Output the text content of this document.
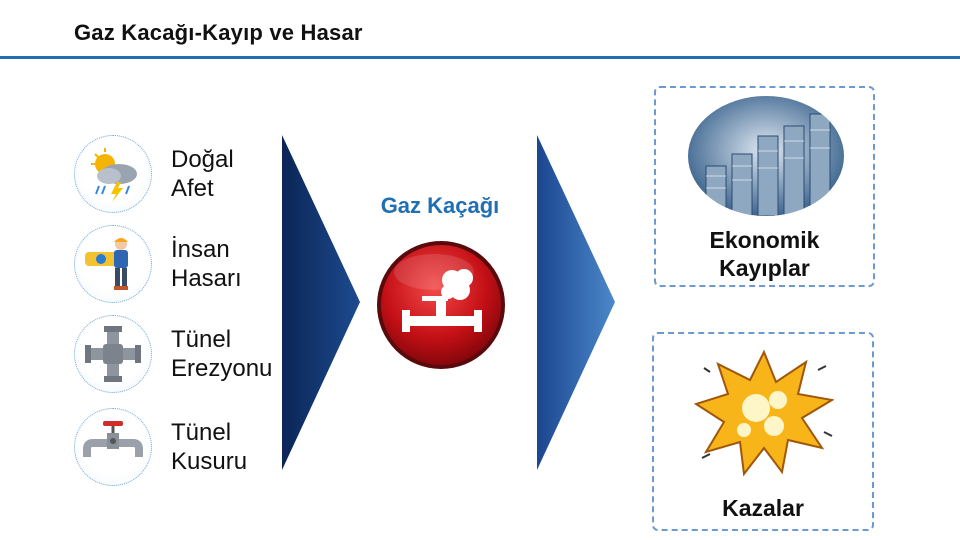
Gaz Kacağı-Kayıp ve Hasar
Doğal
Afet
İnsan
Hasarı
Tünel
Erezyonu
Tünel
Kusuru
Gaz Kaçağı
Ekonomik
Kayıplar
Kazalar
